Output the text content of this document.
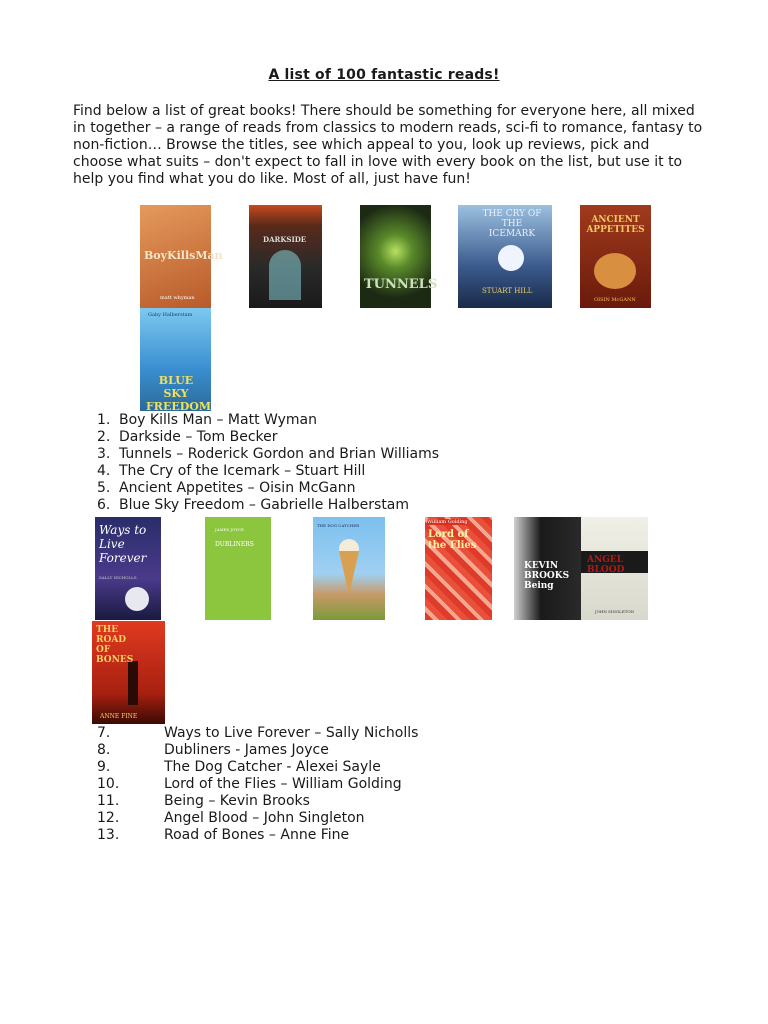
A list of 100 fantastic reads!

Find below a list of great books! There should be something for everyone here, all mixed in together – a range of reads from classics to modern reads, sci-fi to romance, fantasy to non-fiction… Browse the titles, see which appeal to you, look up reviews, pick and choose what suits – don't expect to fall in love with every book on the list, but use it to help you find what you do like. Most of all, just have fun!

BoyKillsMan
matt whyman
DARKSIDE
TUNNELS
THE CRY OF THE ICEMARK
STUART HILL
ANCIENT APPETITES
OISIN McGANN
Gaby Halberstam
BLUE SKY FREEDOM
1. Boy Kills Man – Matt Wyman
2. Darkside – Tom Becker
3. Tunnels – Roderick Gordon and Brian Williams
4. The Cry of the Icemark – Stuart Hill
5. Ancient Appetites – Oisin McGann
6. Blue Sky Freedom – Gabrielle Halberstam
Ways to Live Forever
SALLY NICHOLLS
JAMES JOYCE
DUBLINERS
THE DOG CATCHER
William Golding
Lord of the Flies
KEVIN BROOKS Being
ANGEL BLOOD
JOHN SINGLETON
THE ROAD OF BONES
ANNE FINE
7.	Ways to Live Forever – Sally Nicholls
8.	Dubliners - James Joyce
9.	The Dog Catcher - Alexei Sayle
10.	Lord of the Flies – William Golding
11.	Being – Kevin Brooks
12.	Angel Blood – John Singleton
13.	Road of Bones – Anne Fine
